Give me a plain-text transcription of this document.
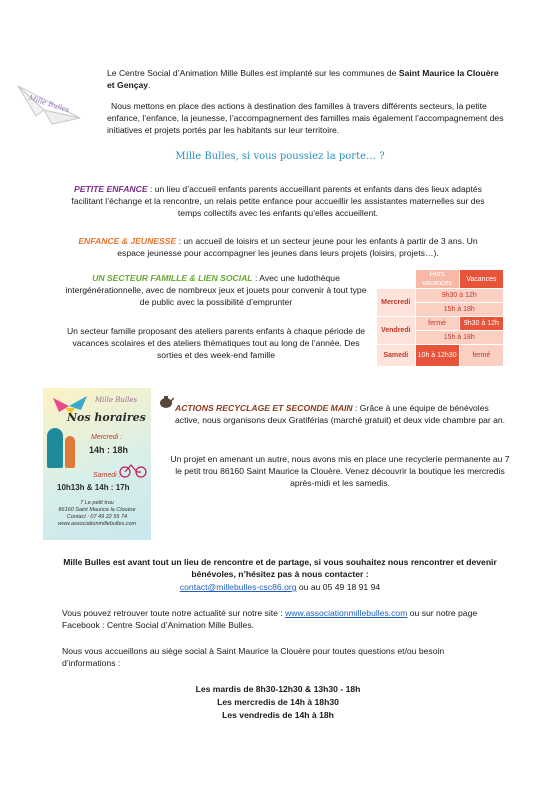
Mille Bulles
Le Centre Social d’Animation Mille Bulles est implanté sur les communes de Saint Maurice la Clouère et Gençay.
Nous mettons en place des actions à destination des familles à travers différents secteurs, la petite enfance, l’enfance, la jeunesse, l’accompagnement des familles mais également l’accompagnement des initiatives et projets portés par les habitants sur leur territoire.
Mille Bulles, si vous poussiez la porte… ?
PETITE ENFANCE : un lieu d’accueil enfants parents accueillant parents et enfants dans des lieux adaptés facilitant l’échange et la rencontre, un relais petite enfance pour accueillir les assistantes maternelles sur des temps collectifs avec les enfants qu’elles accueillent.
ENFANCE & JEUNESSE : un accueil de loisirs et un secteur jeune pour les enfants à partir de 3 ans. Un espace jeunesse pour accompagner les jeunes dans leurs projets (loisirs, projets…).
UN SECTEUR FAMILLE & LIEN SOCIAL : Avec une ludothèque intergénérationnelle, avec de nombreux jeux et jouets pour convenir à tout type de public avec la possibilité d’emprunter
Un secteur famille proposant des ateliers parents enfants à chaque période de vacances scolaires et des ateliers thématiques tout au long de l’année. Des sorties et des week-end famille
	Hors vacances	Vacances
Mercredi	9h30 à 12h	
	15h à 18h	
Vendredi	fermé	9h30 à 12h
	15h à 18h	
Samedi	10h à 12h30	fermé
Mille Bulles
Nos horaires
Mercredi :
14h : 18h
Samedi :
10h13h & 14h : 17h
7 Le petit trou
86160 Saint Maurice la Clouère
Contact : 07 49 22 55 74
www.associationmillebulles.com
ACTIONS RECYCLAGE ET SECONDE MAIN : Grâce à une équipe de bénévoles active, nous organisons deux Gratiférias (marché gratuit) et deux vide chambre par an.
Un projet en amenant un autre, nous avons mis en place une recyclerie permanente au 7 le petit trou 86160 Saint Maurice la Clouère. Venez découvrir la boutique les mercredis après-midi et les samedis.
Mille Bulles est avant tout un lieu de rencontre et de partage, si vous souhaitez nous rencontrer et devenir bénévoles, n’hésitez pas à nous contacter :
contact@millebulles-csc86.org ou au 05 49 18 91 94
Vous pouvez retrouver toute notre actualité sur notre site : www.associationmillebulles.com ou sur notre page Facebook : Centre Social d’Animation Mille Bulles.
Nous vous accueillons au siège social à Saint Maurice la Clouère pour toutes questions et/ou besoin d’informations :
Les mardis de 8h30-12h30 & 13h30 - 18h
Les mercredis de 14h à 18h30
Les vendredis de 14h à 18h
